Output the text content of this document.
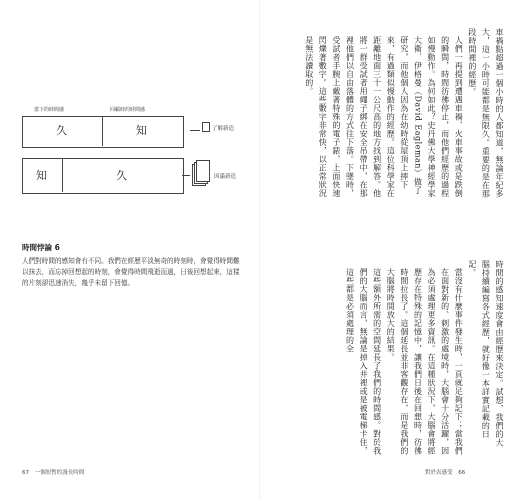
當下的時間感	回顧時的時間感
久	知	了解新造
知	久	因滿新造
時間悖論 6
人們對時間的感知會有不同。我們在經歷平淡無奇的時刻時，會覺得時間難以抹去，而忘掉回想起的時刻，會覺得時間飛逝而過，日後回想起來，這樣的片刻卻迅速消失，幾乎未留下回憶。
67 一個短暫的漫長時間

車禍點超過一個小時的人都知道，無論年紀多大，這一小時可能都是無限久。重要的是在那段時間裡的經歷。

人們一再提到遭遇車禍、火車事故或是跌倒的瞬間，時間彷彿停止，而他們經歷的過程如慢動作。為何如此？史丹佛大學神經學家大衛．伊格曼（David Eagleman）做了研究，而他個人因為在幼時從屋頂上摔下來，有過類似慢動作的經歷。這位科學家在距離地面三十一公尺高的地方找到解答。他將一群受試者用繩子綁在安全吊帶中，在那裡他們以自由落體的方式往下落。下墜時，受試者手腕上戴著特殊的電子錶，上面快速閃爍著數字。這些數字非常快，以正常狀況是無法讀取的。

時間的感知速度會由經歷來決定。試想，我們的大腦持續編寫各式經歷，就好像一本詳實記載的日記。

當沒有什麼事件發生時，一頁就足夠記下；當我們在面對新的、刺激的處境時，大腦會十分活躍，因為必須處理更多資訊。在這種狀況下，大腦會將經歷存在特殊的記憶中，讓我們日後在回想時，彷彿時間拉長了。這個延長並非客觀存在，而是我們的大腦將時間放大的結果。

這些額外所需的空間延長了我們的時間感。對於我們的大腦而言，無論是掉入井裡或是被電梯卡住，這些都是必須處理的全

對於表感受 66
